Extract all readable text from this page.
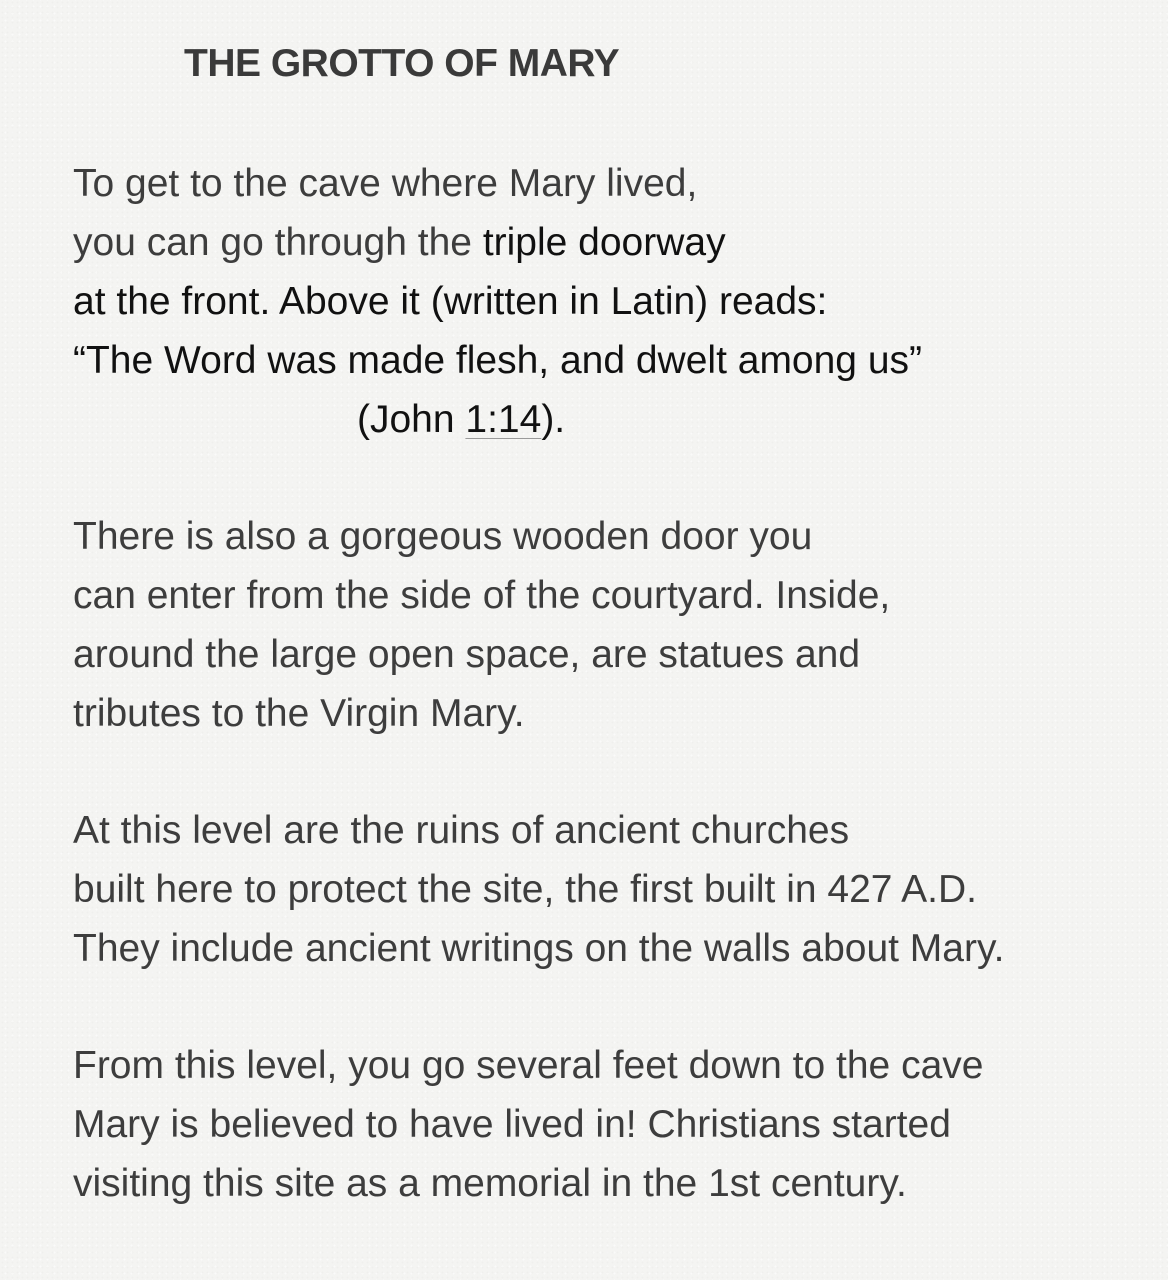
THE GROTTO OF MARY
To get to the cave where Mary lived,
you can go through the triple doorway
at the front. Above it (written in Latin) reads:
“The Word was made flesh, and dwelt among us”
(John 1:14).
There is also a gorgeous wooden door you
can enter from the side of the courtyard. Inside,
around the large open space, are statues and
tributes to the Virgin Mary.
At this level are the ruins of ancient churches
built here to protect the site, the first built in 427 A.D.
They include ancient writings on the walls about Mary.
From this level, you go several feet down to the cave
Mary is believed to have lived in! Christians started
visiting this site as a memorial in the 1st century.
